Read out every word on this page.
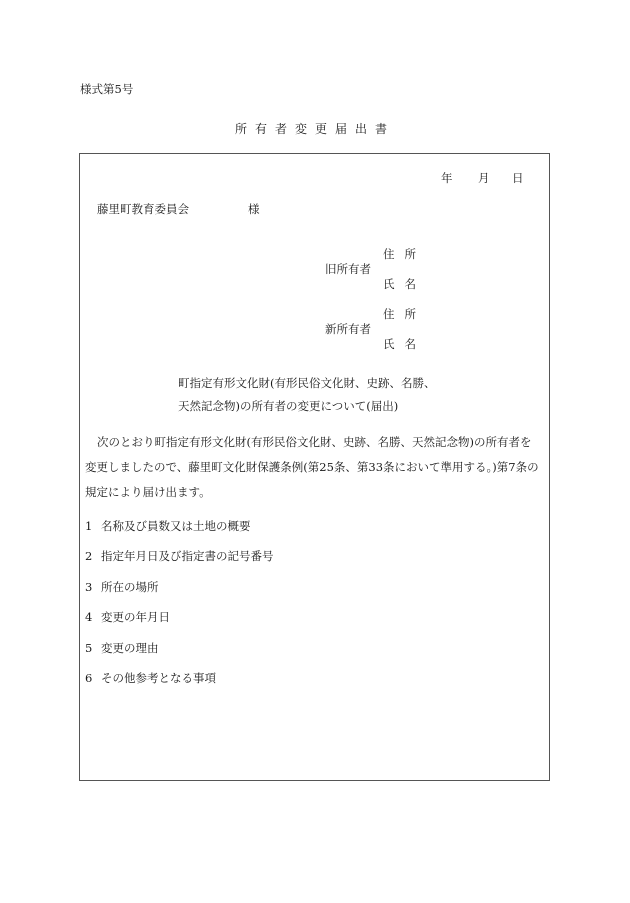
様式第5号
所有者変更届出書
年 月 日
藤里町教育委員会	様
旧所有者
住所
氏名
新所有者
住所
氏名
町指定有形文化財(有形民俗文化財、史跡、名勝、
天然記念物)の所有者の変更について(届出)
次のとおり町指定有形文化財(有形民俗文化財、史跡、名勝、天然記念物)の所有者を
変更しましたので、藤里町文化財保護条例(第25条、第33条において準用する。)第7条の
規定により届け出ます。
1 名称及び員数又は土地の概要
2 指定年月日及び指定書の記号番号
3 所在の場所
4 変更の年月日
5 変更の理由
6 その他参考となる事項
